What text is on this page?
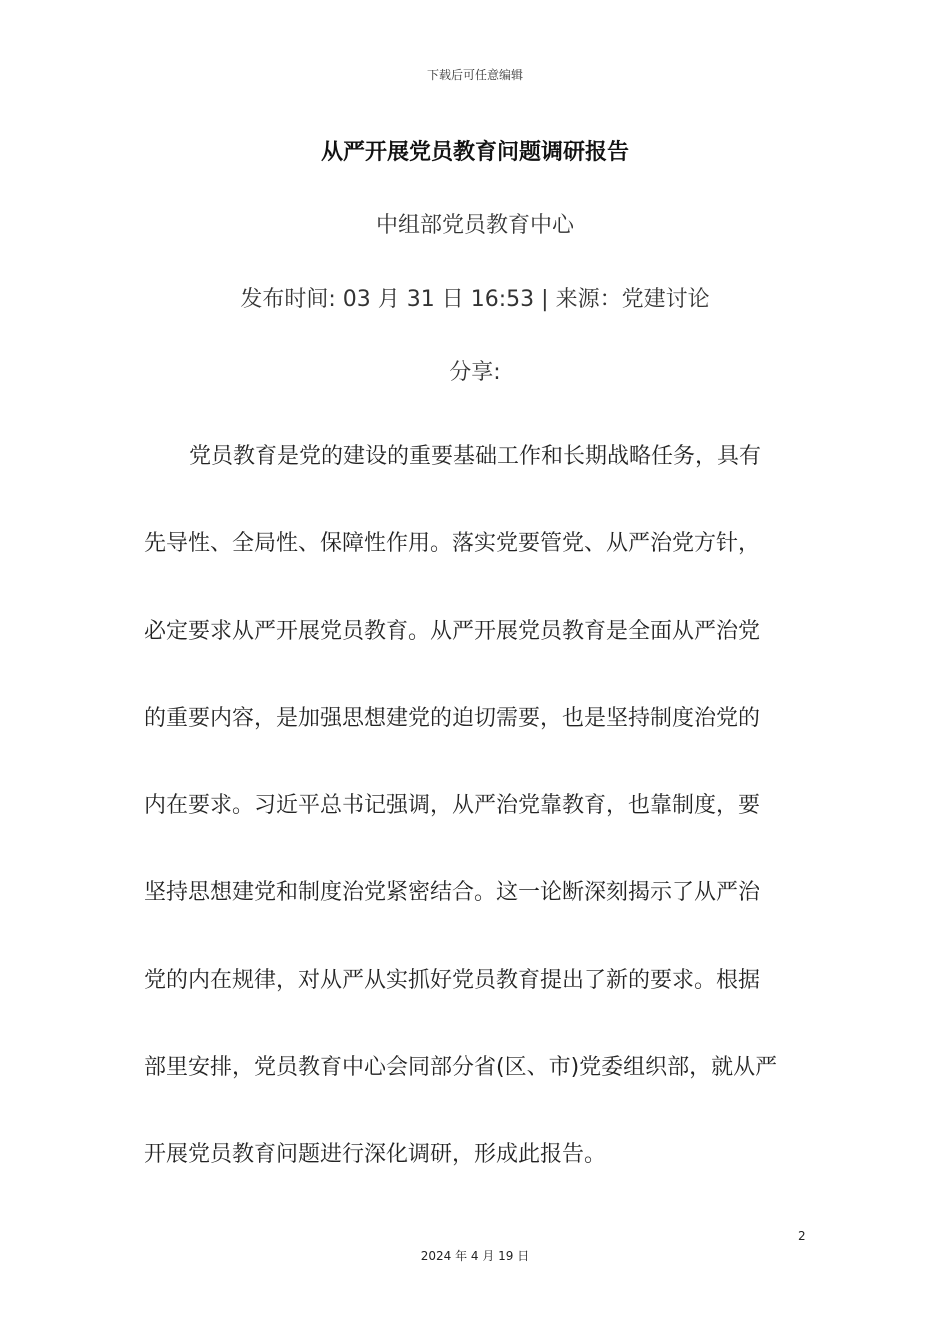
下载后可任意编辑
从严开展党员教育问题调研报告
中组部党员教育中心
发布时间: 03 月 31 日 16:53 | 来源：党建讨论
分享:
党员教育是党的建设的重要基础工作和长期战略任务，具有
先导性、全局性、保障性作用。落实党要管党、从严治党方针，
必定要求从严开展党员教育。从严开展党员教育是全面从严治党
的重要内容，是加强思想建党的迫切需要，也是坚持制度治党的
内在要求。习近平总书记强调，从严治党靠教育，也靠制度，要
坚持思想建党和制度治党紧密结合。这一论断深刻揭示了从严治
党的内在规律，对从严从实抓好党员教育提出了新的要求。根据
部里安排，党员教育中心会同部分省(区、市)党委组织部，就从严
开展党员教育问题进行深化调研，形成此报告。
2
2024 年 4 月 19 日
